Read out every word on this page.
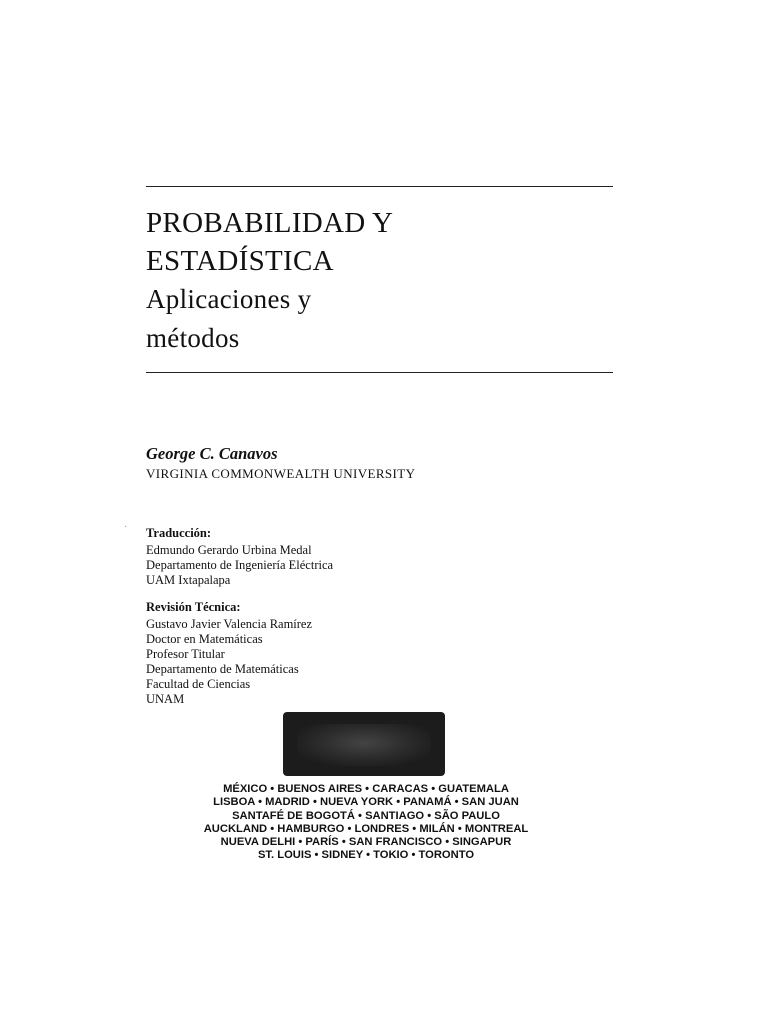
PROBABILIDAD Y
ESTADÍSTICA
Aplicaciones y
métodos
George C. Canavos
VIRGINIA COMMONWEALTH UNIVERSITY
Traducción:
Edmundo Gerardo Urbina Medal
Departamento de Ingeniería Eléctrica
UAM Ixtapalapa
Revisión Técnica:
Gustavo Javier Valencia Ramírez
Doctor en Matemáticas
Profesor Titular
Departamento de Matemáticas
Facultad de Ciencias
UNAM
MÉXICO • BUENOS AIRES • CARACAS • GUATEMALA
LISBOA • MADRID • NUEVA YORK • PANAMÁ • SAN JUAN
SANTAFÉ DE BOGOTÁ • SANTIAGO • SÃO PAULO
AUCKLAND • HAMBURGO • LONDRES • MILÁN • MONTREAL
NUEVA DELHI • PARÍS • SAN FRANCISCO • SINGAPUR
ST. LOUIS • SIDNEY • TOKIO • TORONTO
·
